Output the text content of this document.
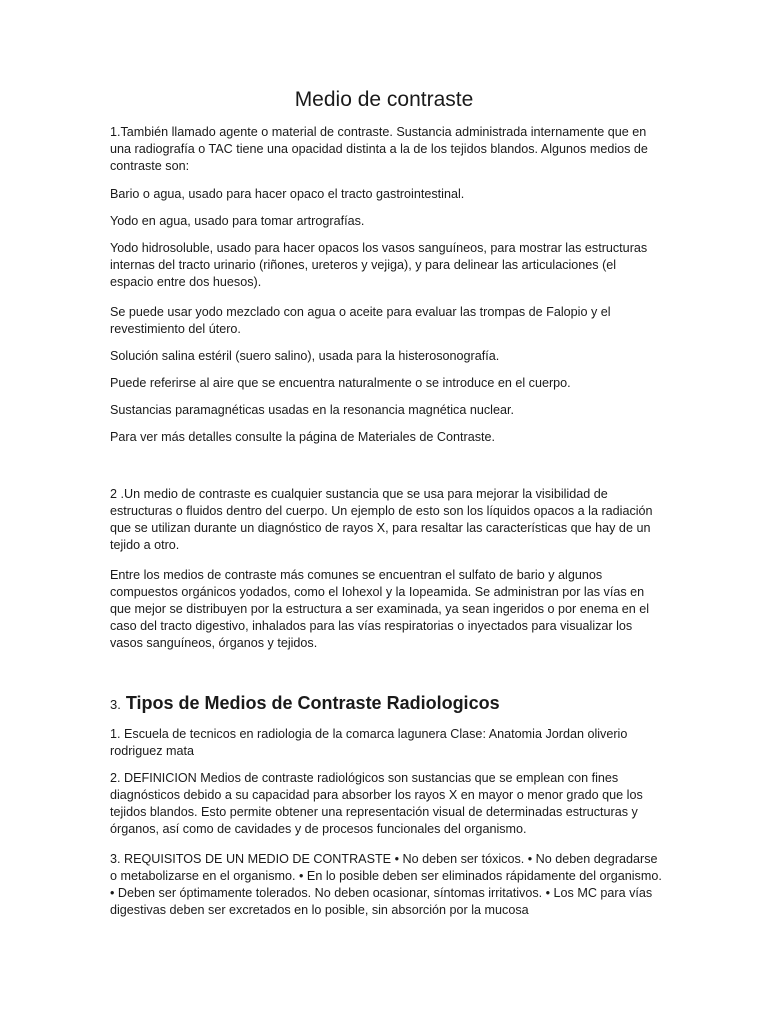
Medio de contraste

1.También llamado agente o material de contraste. Sustancia administrada internamente que en una radiografía o TAC tiene una opacidad distinta a la de los tejidos blandos. Algunos medios de contraste son:

Bario o agua, usado para hacer opaco el tracto gastrointestinal.

Yodo en agua, usado para tomar artrografías.

Yodo hidrosoluble, usado para hacer opacos los vasos sanguíneos, para mostrar las estructuras internas del tracto urinario (riñones, ureteros y vejiga), y para delinear las articulaciones (el espacio entre dos huesos).

Se puede usar yodo mezclado con agua o aceite para evaluar las trompas de Falopio y el revestimiento del útero.

Solución salina estéril (suero salino), usada para la histerosonografía.

Puede referirse al aire que se encuentra naturalmente o se introduce en el cuerpo.

Sustancias paramagnéticas usadas en la resonancia magnética nuclear.

Para ver más detalles consulte la página de Materiales de Contraste.

2 .Un medio de contraste es cualquier sustancia que se usa para mejorar la visibilidad de estructuras o fluidos dentro del cuerpo. Un ejemplo de esto son los líquidos opacos a la radiación que se utilizan durante un diagnóstico de rayos X, para resaltar las características que hay de un tejido a otro.

Entre los medios de contraste más comunes se encuentran el sulfato de bario y algunos compuestos orgánicos yodados, como el Iohexol y la Iopeamida. Se administran por las vías en que mejor se distribuyen por la estructura a ser examinada, ya sean ingeridos o por enema en el caso del tracto digestivo, inhalados para las vías respiratorias o inyectados para visualizar los vasos sanguíneos, órganos y tejidos.

3. Tipos de Medios de Contraste Radiologicos

1. Escuela de tecnicos en radiologia de la comarca lagunera Clase: Anatomia Jordan oliverio rodriguez mata

2. DEFINICION Medios de contraste radiológicos son sustancias que se emplean con fines diagnósticos debido a su capacidad para absorber los rayos X en mayor o menor grado que los tejidos blandos. Esto permite obtener una representación visual de determinadas estructuras y órganos, así como de cavidades y de procesos funcionales del organismo.

3. REQUISITOS DE UN MEDIO DE CONTRASTE • No deben ser tóxicos. • No deben degradarse o metabolizarse en el organismo. • En lo posible deben ser eliminados rápidamente del organismo. • Deben ser óptimamente tolerados. No deben ocasionar, síntomas irritativos. • Los MC para vías digestivas deben ser excretados en lo posible, sin absorción por la mucosa
